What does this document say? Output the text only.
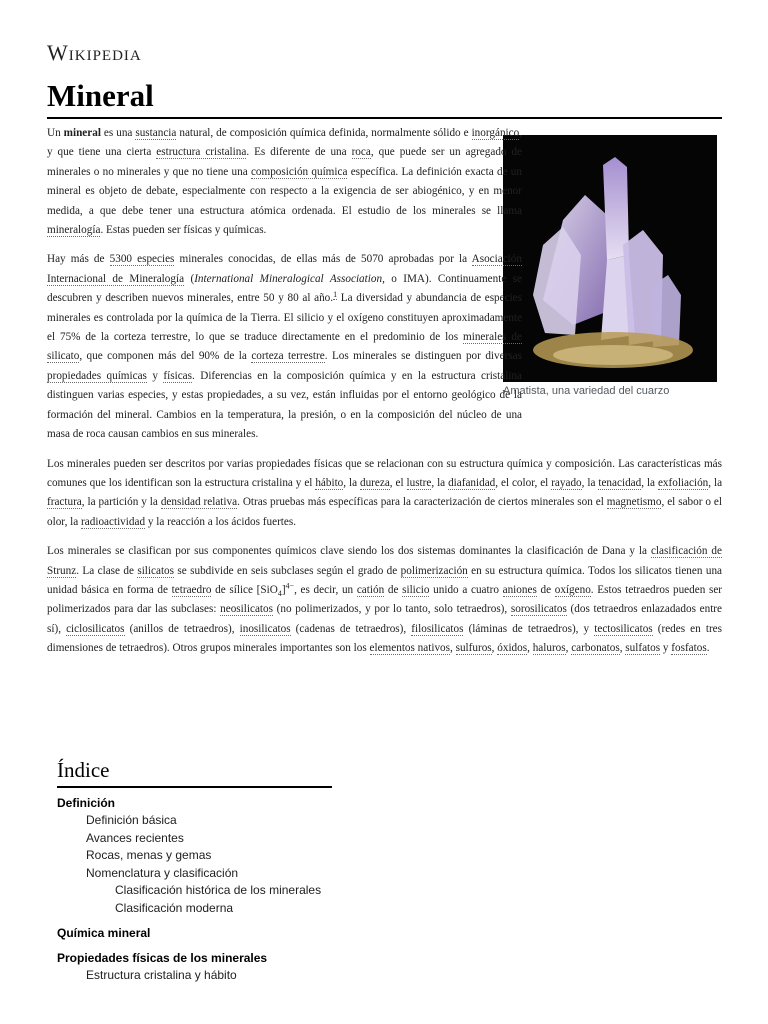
Wikipedia
Mineral
Amatista, una variedad del cuarzo

Un mineral es una sustancia natural, de composición química definida, normalmente sólido e inorgánico, y que tiene una cierta estructura cristalina. Es diferente de una roca, que puede ser un agregado de minerales o no minerales y que no tiene una composición química específica. La definición exacta de un mineral es objeto de debate, especialmente con respecto a la exigencia de ser abiogénico, y en menor medida, a que debe tener una estructura atómica ordenada. El estudio de los minerales se llama mineralogía. Estas pueden ser físicas y químicas.

Hay más de 5300 especies minerales conocidas, de ellas más de 5070 aprobadas por la Asociación Internacional de Mineralogía (International Mineralogical Association, o IMA). Continuamente se descubren y describen nuevos minerales, entre 50 y 80 al año.$^1$ La diversidad y abundancia de especies minerales es controlada por la química de la Tierra. El silicio y el oxígeno constituyen aproximadamente el 75% de la corteza terrestre, lo que se traduce directamente en el predominio de los minerales de silicato, que componen más del 90% de la corteza terrestre. Los minerales se distinguen por diversas propiedades químicas y físicas. Diferencias en la composición química y en la estructura cristalina distinguen varias especies, y estas propiedades, a su vez, están influidas por el entorno geológico de la formación del mineral. Cambios en la temperatura, la presión, o en la composición del núcleo de una masa de roca causan cambios en sus minerales.

Los minerales pueden ser descritos por varias propiedades físicas que se relacionan con su estructura química y composición. Las características más comunes que los identifican son la estructura cristalina y el hábito, la dureza, el lustre, la diafanidad, el color, el rayado, la tenacidad, la exfoliación, la fractura, la partición y la densidad relativa. Otras pruebas más específicas para la caracterización de ciertos minerales son el magnetismo, el sabor o el olor, la radioactividad y la reacción a los ácidos fuertes.

Los minerales se clasifican por sus componentes químicos clave siendo los dos sistemas dominantes la clasificación de Dana y la clasificación de Strunz. La clase de silicatos se subdivide en seis subclases según el grado de polimerización en su estructura química. Todos los silicatos tienen una unidad básica en forma de tetraedro de sílice $[SiO_4]^{4-}$, es decir, un catión de silicio unido a cuatro aniones de oxígeno. Estos tetraedros pueden ser polimerizados para dar las subclases: neosilicatos (no polimerizados, y por lo tanto, solo tetraedros), sorosilicatos (dos tetraedros enlazadados entre sí), ciclosilicatos (anillos de tetraedros), inosilicatos (cadenas de tetraedros), filosilicatos (láminas de tetraedros), y tectosilicatos (redes en tres dimensiones de tetraedros). Otros grupos minerales importantes son los elementos nativos, sulfuros, óxidos, haluros, carbonatos, sulfatos y fosfatos.

Índice
Definición
Definición básica
Avances recientes
Rocas, menas y gemas
Nomenclatura y clasificación
Clasificación histórica de los minerales
Clasificación moderna
Química mineral
Propiedades físicas de los minerales
Estructura cristalina y hábito
